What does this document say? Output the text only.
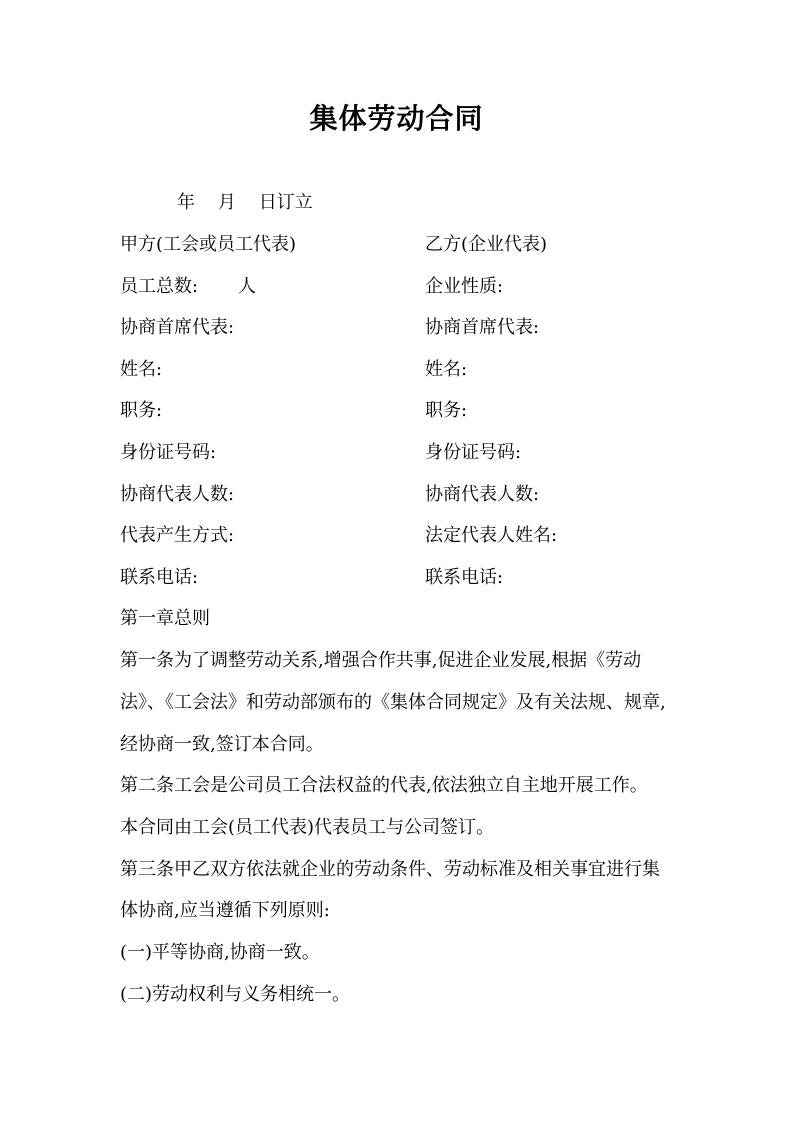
集体劳动合同
年    月    日订立
甲方(工会或员工代表)	乙方(企业代表)
员工总数: 人	企业性质:
协商首席代表:	协商首席代表:
姓名:	姓名:
职务:	职务:
身份证号码:	身份证号码:
协商代表人数:	协商代表人数:
代表产生方式:	法定代表人姓名:
联系电话:	联系电话:
第一章总则
第一条为了调整劳动关系,增强合作共事,促进企业发展,根据《劳动
法》、《工会法》和劳动部颁布的《集体合同规定》及有关法规、规章,
经协商一致,签订本合同。
第二条工会是公司员工合法权益的代表,依法独立自主地开展工作。
本合同由工会(员工代表)代表员工与公司签订。
第三条甲乙双方依法就企业的劳动条件、劳动标准及相关事宜进行集
体协商,应当遵循下列原则:
(一)平等协商,协商一致。
(二)劳动权利与义务相统一。
